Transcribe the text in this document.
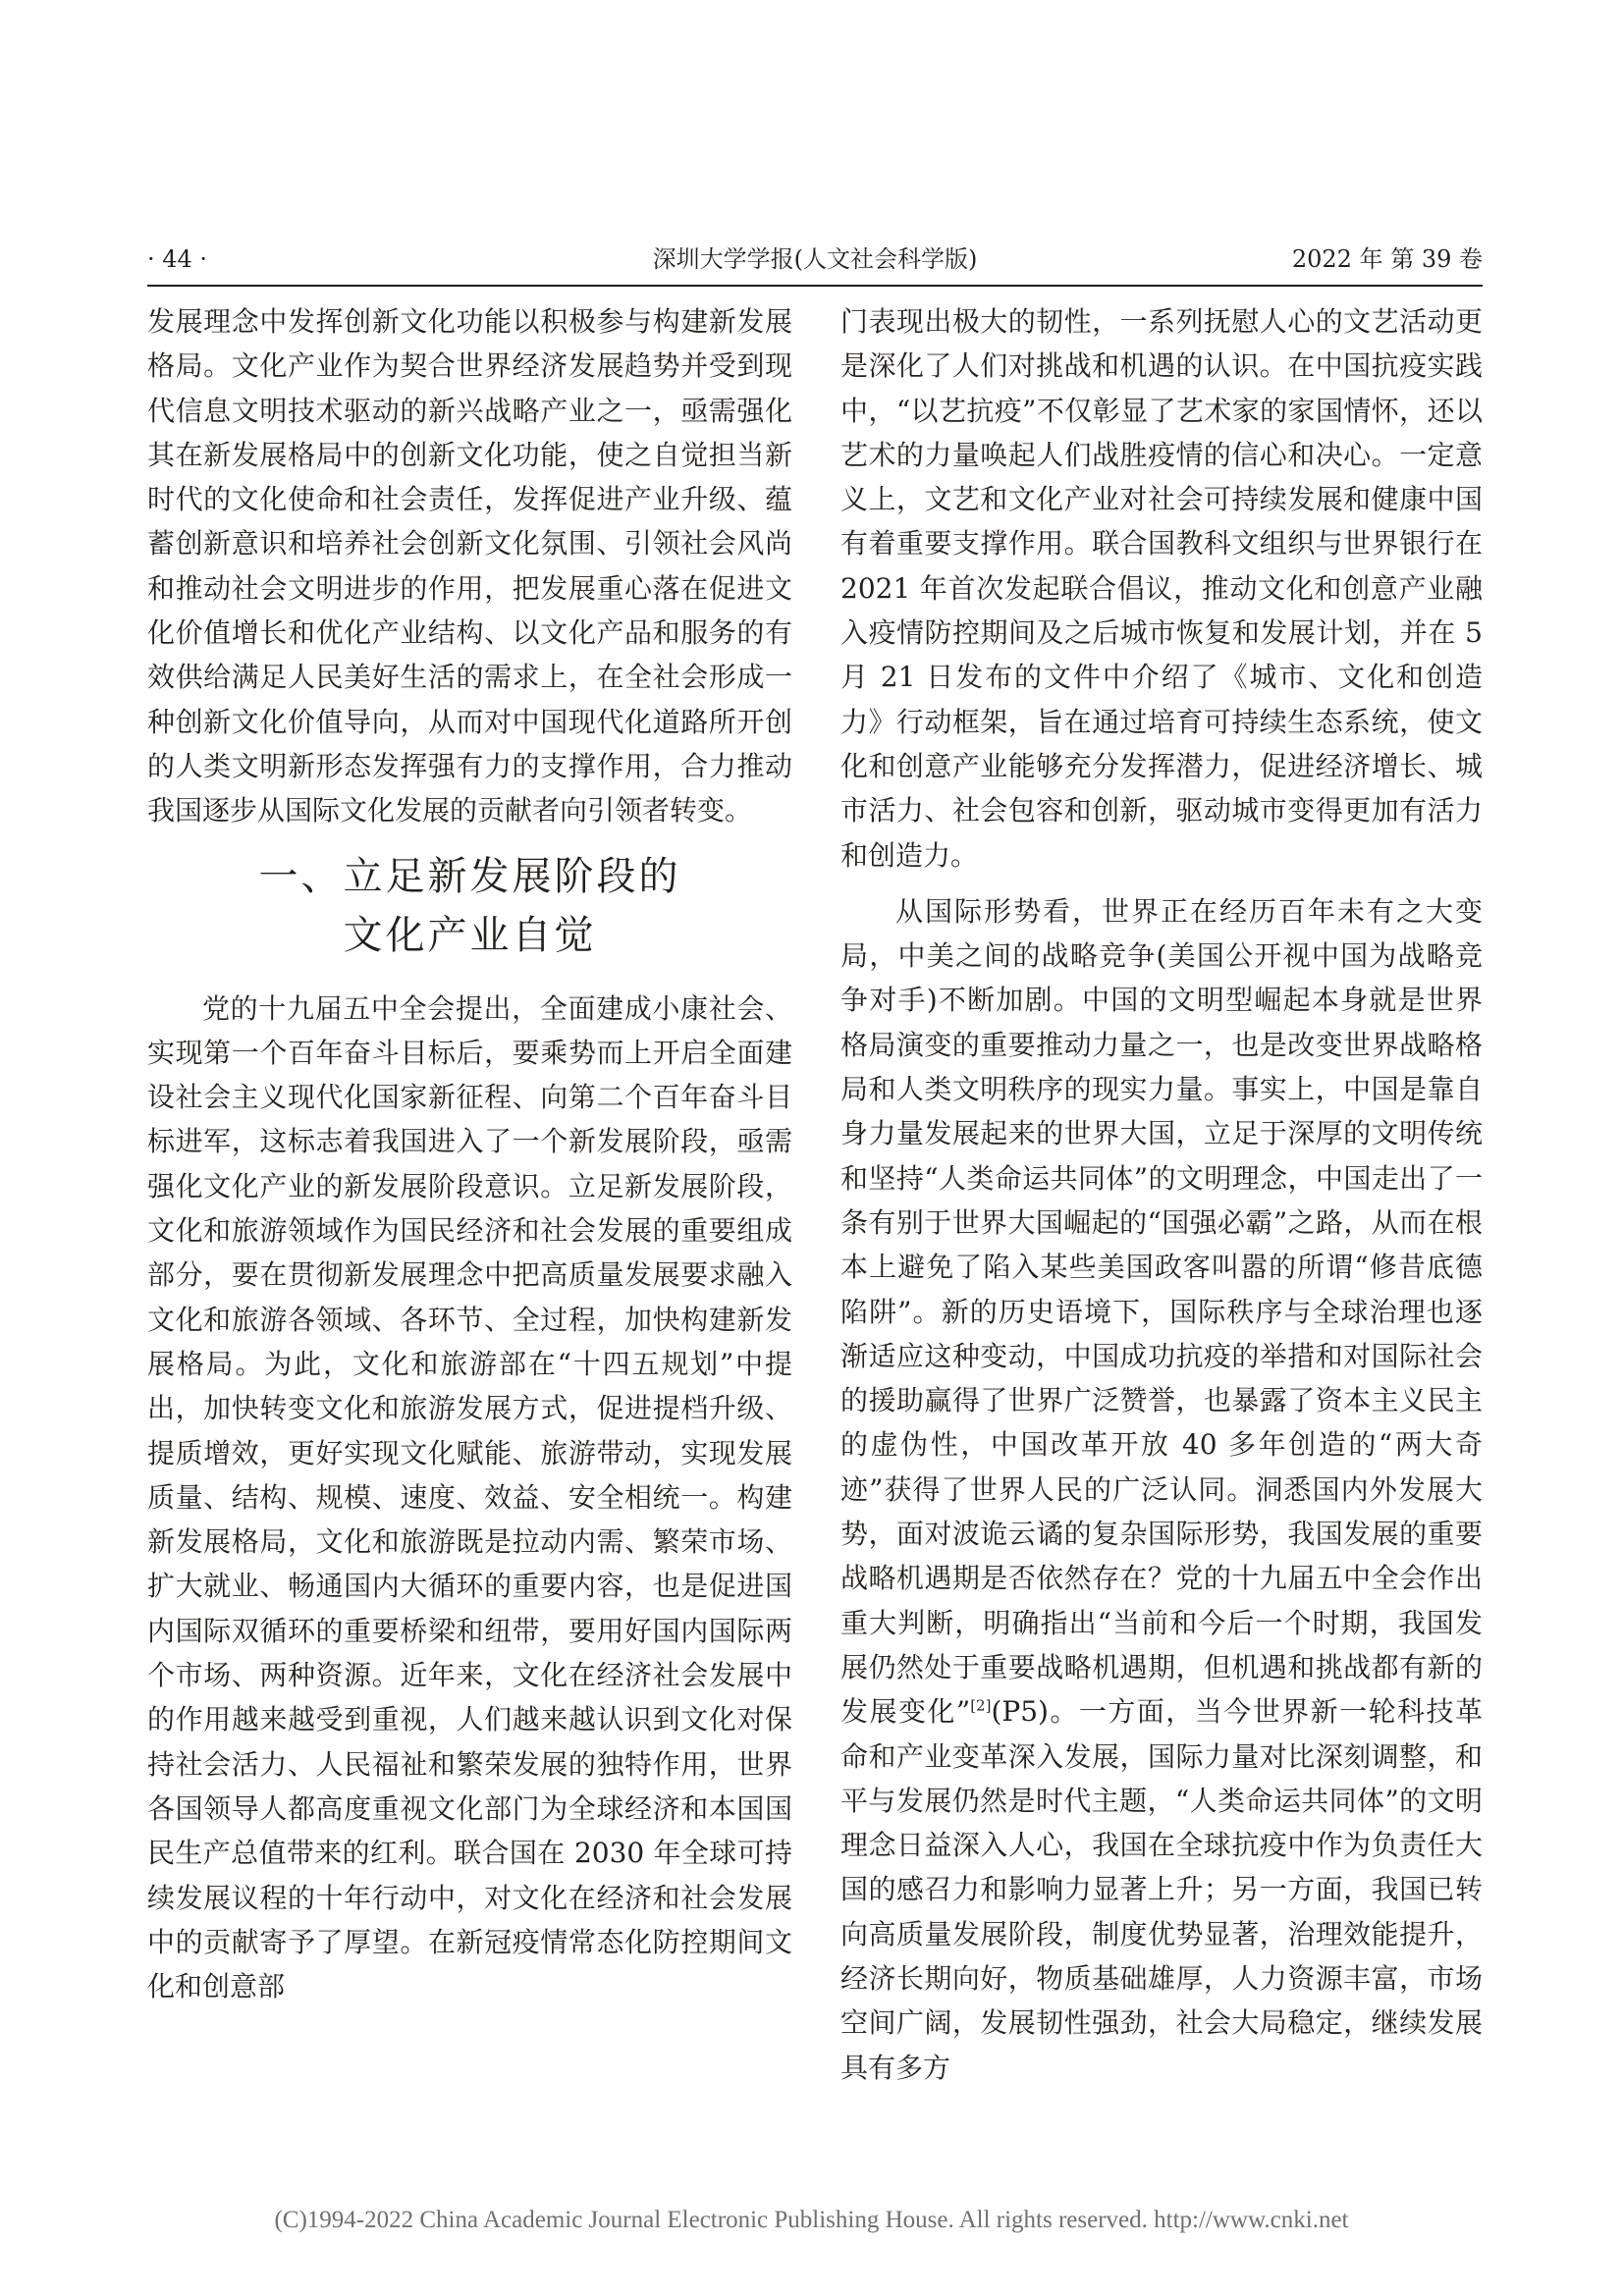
· 44 ·	深圳大学学报(人文社会科学版)	2022 年 第 39 卷

发展理念中发挥创新文化功能以积极参与构建新发展格局。文化产业作为契合世界经济发展趋势并受到现代信息文明技术驱动的新兴战略产业之一，亟需强化其在新发展格局中的创新文化功能，使之自觉担当新时代的文化使命和社会责任，发挥促进产业升级、蕴蓄创新意识和培养社会创新文化氛围、引领社会风尚和推动社会文明进步的作用，把发展重心落在促进文化价值增长和优化产业结构、以文化产品和服务的有效供给满足人民美好生活的需求上，在全社会形成一种创新文化价值导向，从而对中国现代化道路所开创的人类文明新形态发挥强有力的支撑作用，合力推动我国逐步从国际文化发展的贡献者向引领者转变。

一、立足新发展阶段的
文化产业自觉

党的十九届五中全会提出，全面建成小康社会、实现第一个百年奋斗目标后，要乘势而上开启全面建设社会主义现代化国家新征程、向第二个百年奋斗目标进军，这标志着我国进入了一个新发展阶段，亟需强化文化产业的新发展阶段意识。立足新发展阶段，文化和旅游领域作为国民经济和社会发展的重要组成部分，要在贯彻新发展理念中把高质量发展要求融入文化和旅游各领域、各环节、全过程，加快构建新发展格局。为此，文化和旅游部在“十四五规划”中提出，加快转变文化和旅游发展方式，促进提档升级、提质增效，更好实现文化赋能、旅游带动，实现发展质量、结构、规模、速度、效益、安全相统一。构建新发展格局，文化和旅游既是拉动内需、繁荣市场、扩大就业、畅通国内大循环的重要内容，也是促进国内国际双循环的重要桥梁和纽带，要用好国内国际两个市场、两种资源。近年来，文化在经济社会发展中的作用越来越受到重视，人们越来越认识到文化对保持社会活力、人民福祉和繁荣发展的独特作用，世界各国领导人都高度重视文化部门为全球经济和本国国民生产总值带来的红利。联合国在 2030 年全球可持续发展议程的十年行动中，对文化在经济和社会发展中的贡献寄予了厚望。在新冠疫情常态化防控期间文化和创意部

门表现出极大的韧性，一系列抚慰人心的文艺活动更是深化了人们对挑战和机遇的认识。在中国抗疫实践中，“以艺抗疫”不仅彰显了艺术家的家国情怀，还以艺术的力量唤起人们战胜疫情的信心和决心。一定意义上，文艺和文化产业对社会可持续发展和健康中国有着重要支撑作用。联合国教科文组织与世界银行在 2021 年首次发起联合倡议，推动文化和创意产业融入疫情防控期间及之后城市恢复和发展计划，并在 5 月 21 日发布的文件中介绍了《城市、文化和创造力》行动框架，旨在通过培育可持续生态系统，使文化和创意产业能够充分发挥潜力，促进经济增长、城市活力、社会包容和创新，驱动城市变得更加有活力和创造力。

从国际形势看，世界正在经历百年未有之大变局，中美之间的战略竞争(美国公开视中国为战略竞争对手)不断加剧。中国的文明型崛起本身就是世界格局演变的重要推动力量之一，也是改变世界战略格局和人类文明秩序的现实力量。事实上，中国是靠自身力量发展起来的世界大国，立足于深厚的文明传统和坚持“人类命运共同体”的文明理念，中国走出了一条有别于世界大国崛起的“国强必霸”之路，从而在根本上避免了陷入某些美国政客叫嚣的所谓“修昔底德陷阱”。新的历史语境下，国际秩序与全球治理也逐渐适应这种变动，中国成功抗疫的举措和对国际社会的援助赢得了世界广泛赞誉，也暴露了资本主义民主的虚伪性，中国改革开放 40 多年创造的“两大奇迹”获得了世界人民的广泛认同。洞悉国内外发展大势，面对波诡云谲的复杂国际形势，我国发展的重要战略机遇期是否依然存在？党的十九届五中全会作出重大判断，明确指出“当前和今后一个时期，我国发展仍然处于重要战略机遇期，但机遇和挑战都有新的发展变化”[2](P5)。一方面，当今世界新一轮科技革命和产业变革深入发展，国际力量对比深刻调整，和平与发展仍然是时代主题，“人类命运共同体”的文明理念日益深入人心，我国在全球抗疫中作为负责任大国的感召力和影响力显著上升；另一方面，我国已转向高质量发展阶段，制度优势显著，治理效能提升，经济长期向好，物质基础雄厚，人力资源丰富，市场空间广阔，发展韧性强劲，社会大局稳定，继续发展具有多方

(C)1994-2022 China Academic Journal Electronic Publishing House. All rights reserved. http://www.cnki.net
